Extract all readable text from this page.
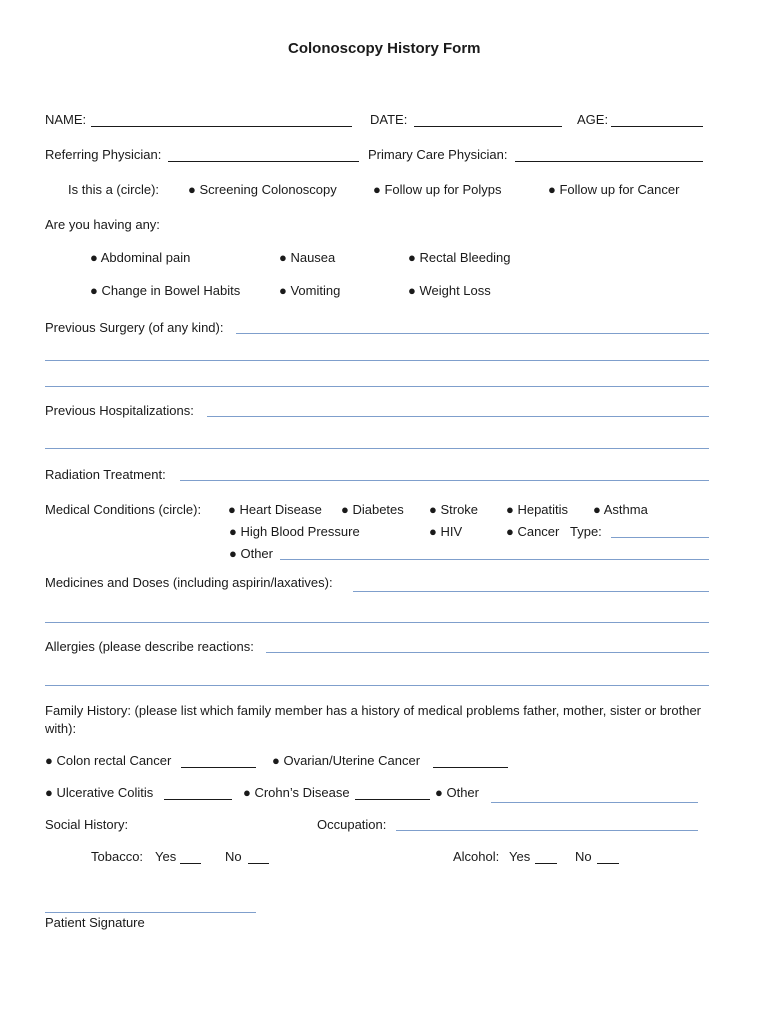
Colonoscopy History Form
NAME:	DATE:	AGE:
Referring Physician:	Primary Care Physician:
Is this a (circle): ● Screening Colonoscopy	● Follow up for Polyps	● Follow up for Cancer
Are you having any:
● Abdominal pain	● Nausea	● Rectal Bleeding
● Change in Bowel Habits	● Vomiting	● Weight Loss
Previous Surgery (of any kind):
Previous Hospitalizations:
Radiation Treatment:
Medical Conditions (circle): ● Heart Disease ● Diabetes ● Stroke ● Hepatitis ● Asthma
● High Blood Pressure	● HIV	● Cancer Type:
● Other
Medicines and Doses (including aspirin/laxatives):
Allergies (please describe reactions:
Family History: (please list which family member has a history of medical problems father, mother, sister or brother with):
● Colon rectal Cancer	● Ovarian/Uterine Cancer
● Ulcerative Colitis	● Crohn’s Disease	● Other
Social History:	Occupation:
Tobacco: Yes	No	Alcohol: Yes	No
Patient Signature
